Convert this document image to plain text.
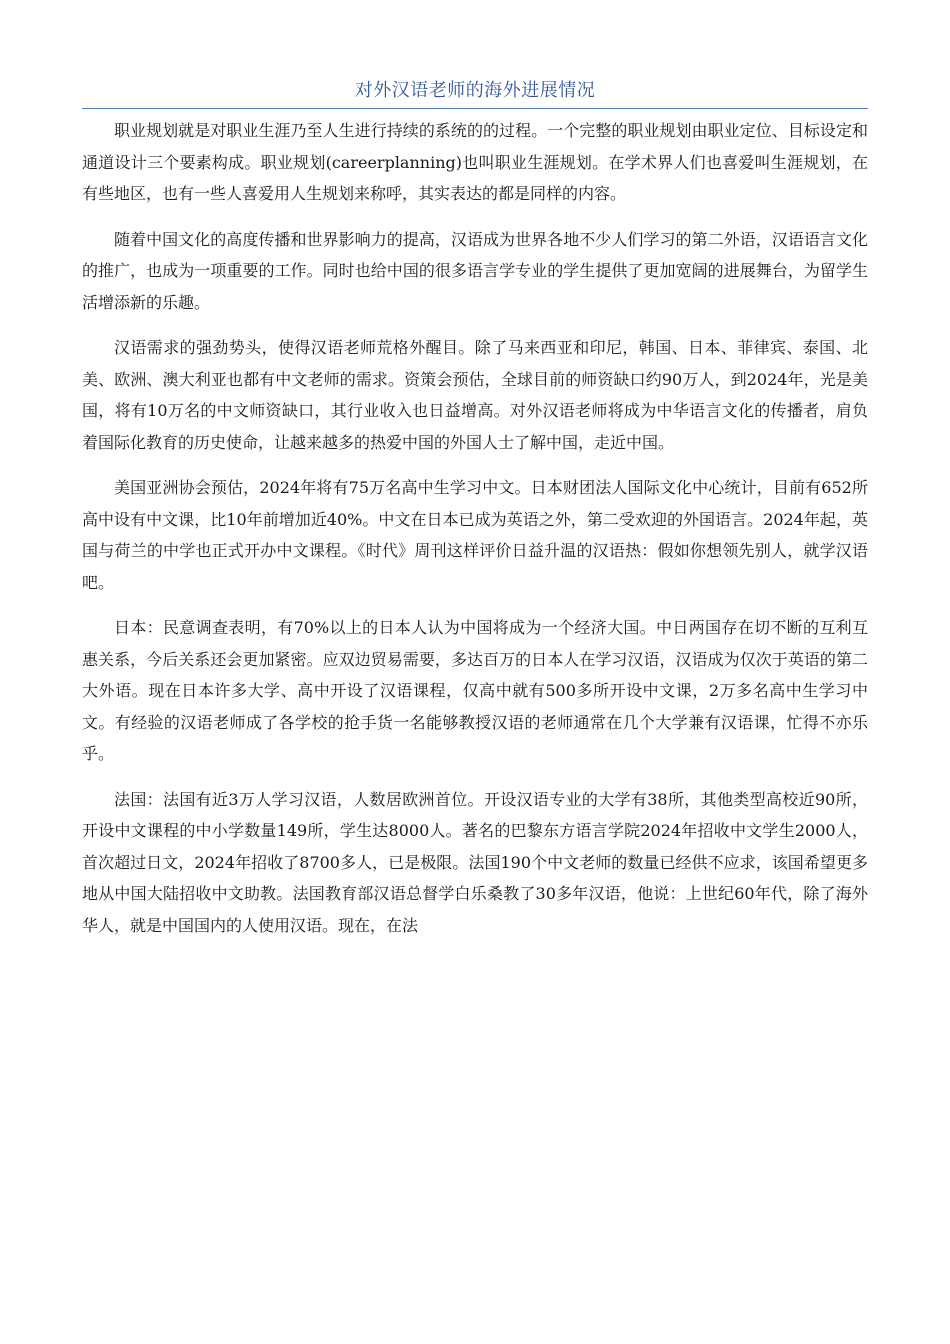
对外汉语老师的海外进展情况

职业规划就是对职业生涯乃至人生进行持续的系统的的过程。一个完整的职业规划由职业定位、目标设定和通道设计三个要素构成。职业规划(careerplanning)也叫职业生涯规划。在学术界人们也喜爱叫生涯规划，在有些地区，也有一些人喜爱用人生规划来称呼，其实表达的都是同样的内容。

随着中国文化的高度传播和世界影响力的提高，汉语成为世界各地不少人们学习的第二外语，汉语语言文化的推广，也成为一项重要的工作。同时也给中国的很多语言学专业的学生提供了更加宽阔的进展舞台，为留学生活增添新的乐趣。

汉语需求的强劲势头，使得汉语老师荒格外醒目。除了马来西亚和印尼，韩国、日本、菲律宾、泰国、北美、欧洲、澳大利亚也都有中文老师的需求。资策会预估，全球目前的师资缺口约90万人，到2024年，光是美国，将有10万名的中文师资缺口，其行业收入也日益增高。对外汉语老师将成为中华语言文化的传播者，肩负着国际化教育的历史使命，让越来越多的热爱中国的外国人士了解中国，走近中国。

美国亚洲协会预估，2024年将有75万名高中生学习中文。日本财团法人国际文化中心统计，目前有652所高中设有中文课，比10年前增加近40%。中文在日本已成为英语之外，第二受欢迎的外国语言。2024年起，英国与荷兰的中学也正式开办中文课程。《时代》周刊这样评价日益升温的汉语热：假如你想领先别人，就学汉语吧。

日本：民意调查表明，有70%以上的日本人认为中国将成为一个经济大国。中日两国存在切不断的互利互惠关系，今后关系还会更加紧密。应双边贸易需要，多达百万的日本人在学习汉语，汉语成为仅次于英语的第二大外语。现在日本许多大学、高中开设了汉语课程，仅高中就有500多所开设中文课，2万多名高中生学习中文。有经验的汉语老师成了各学校的抢手货一名能够教授汉语的老师通常在几个大学兼有汉语课，忙得不亦乐乎。

法国：法国有近3万人学习汉语，人数居欧洲首位。开设汉语专业的大学有38所，其他类型高校近90所，开设中文课程的中小学数量149所，学生达8000人。著名的巴黎东方语言学院2024年招收中文学生2000人，首次超过日文，2024年招收了8700多人，已是极限。法国190个中文老师的数量已经供不应求，该国希望更多地从中国大陆招收中文助教。法国教育部汉语总督学白乐桑教了30多年汉语，他说：上世纪60年代，除了海外华人，就是中国国内的人使用汉语。现在，在法
